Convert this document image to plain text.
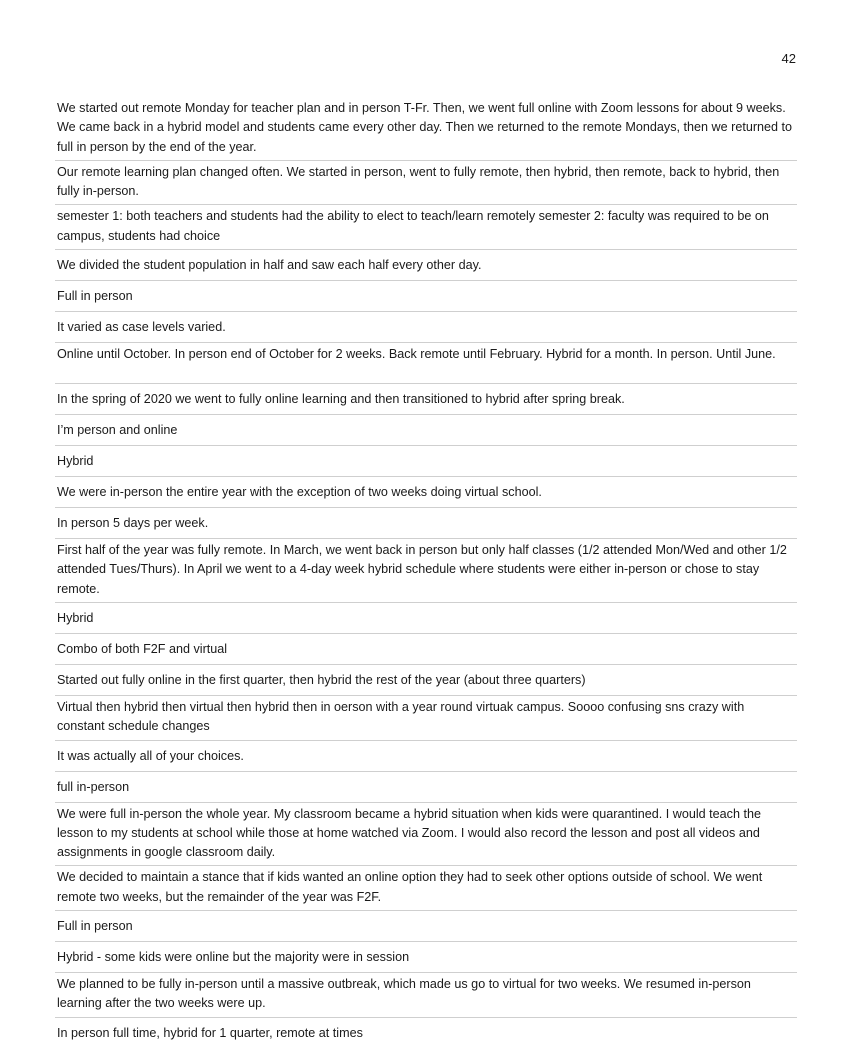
42
We started out remote Monday for teacher plan and in person T-Fr. Then, we went full online with Zoom lessons for about 9 weeks. We came back in a hybrid model and students came every other day. Then we returned to the remote Mondays, then we returned to full in person by the end of the year.
Our remote learning plan changed often. We started in person, went to fully remote, then hybrid, then remote, back to hybrid, then fully in-person.
semester 1: both teachers and students had the ability to elect to teach/learn remotely semester 2: faculty was required to be on campus, students had choice
We divided the student population in half and saw each half every other day.
Full in person
It varied as case levels varied.
Online until October. In person end of October for 2 weeks. Back remote until February. Hybrid for a month. In person. Until June.
In the spring of 2020 we went to fully online learning and then transitioned to hybrid after spring break.
I’m person and online
Hybrid
We were in-person the entire year with the exception of two weeks doing virtual school.
In person 5 days per week.
First half of the year was fully remote. In March, we went back in person but only half classes (1/2 attended Mon/Wed and other 1/2 attended Tues/Thurs). In April we went to a 4-day week hybrid schedule where students were either in-person or chose to stay remote.
Hybrid
Combo of both F2F and virtual
Started out fully online in the first quarter, then hybrid the rest of the year (about three quarters)
Virtual then hybrid then virtual then hybrid then in oerson with a year round virtuak campus. Soooo confusing sns crazy with constant schedule changes
It was actually all of your choices.
full in-person
We were full in-person the whole year. My classroom became a hybrid situation when kids were quarantined. I would teach the lesson to my students at school while those at home watched via Zoom. I would also record the lesson and post all videos and assignments in google classroom daily.
We decided to maintain a stance that if kids wanted an online option they had to seek other options outside of school. We went remote two weeks, but the remainder of the year was F2F.
Full in person
Hybrid - some kids were online but the majority were in session
We planned to be fully in-person until a massive outbreak, which made us go to virtual for two weeks. We resumed in-person learning after the two weeks were up.
In person full time, hybrid for 1 quarter, remote at times
